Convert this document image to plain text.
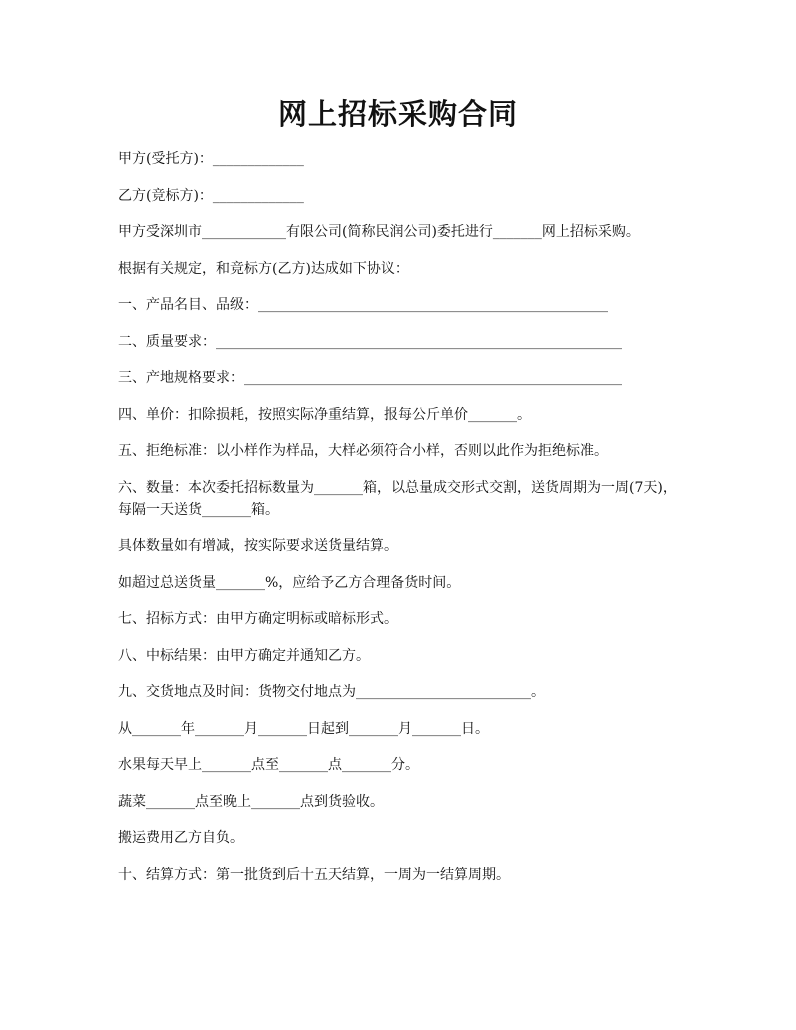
网上招标采购合同

甲方(受托方)：_____________

乙方(竞标方)：_____________

甲方受深圳市____________有限公司(简称民润公司)委托进行_______网上招标采购。

根据有关规定，和竞标方(乙方)达成如下协议：

一、产品名目、品级：__________________________________________________

二、质量要求：__________________________________________________________

三、产地规格要求：______________________________________________________

四、单价：扣除损耗，按照实际净重结算，报每公斤单价_______。

五、拒绝标准：以小样作为样品，大样必须符合小样，否则以此作为拒绝标准。

六、数量：本次委托招标数量为_______箱，以总量成交形式交割，送货周期为一周(7天)，每隔一天送货_______箱。

具体数量如有增减，按实际要求送货量结算。

如超过总送货量_______%，应给予乙方合理备货时间。

七、招标方式：由甲方确定明标或暗标形式。

八、中标结果：由甲方确定并通知乙方。

九、交货地点及时间：货物交付地点为_________________________。

从_______年_______月_______日起到_______月_______日。

水果每天早上_______点至_______点_______分。

蔬菜_______点至晚上_______点到货验收。

搬运费用乙方自负。

十、结算方式：第一批货到后十五天结算，一周为一结算周期。
